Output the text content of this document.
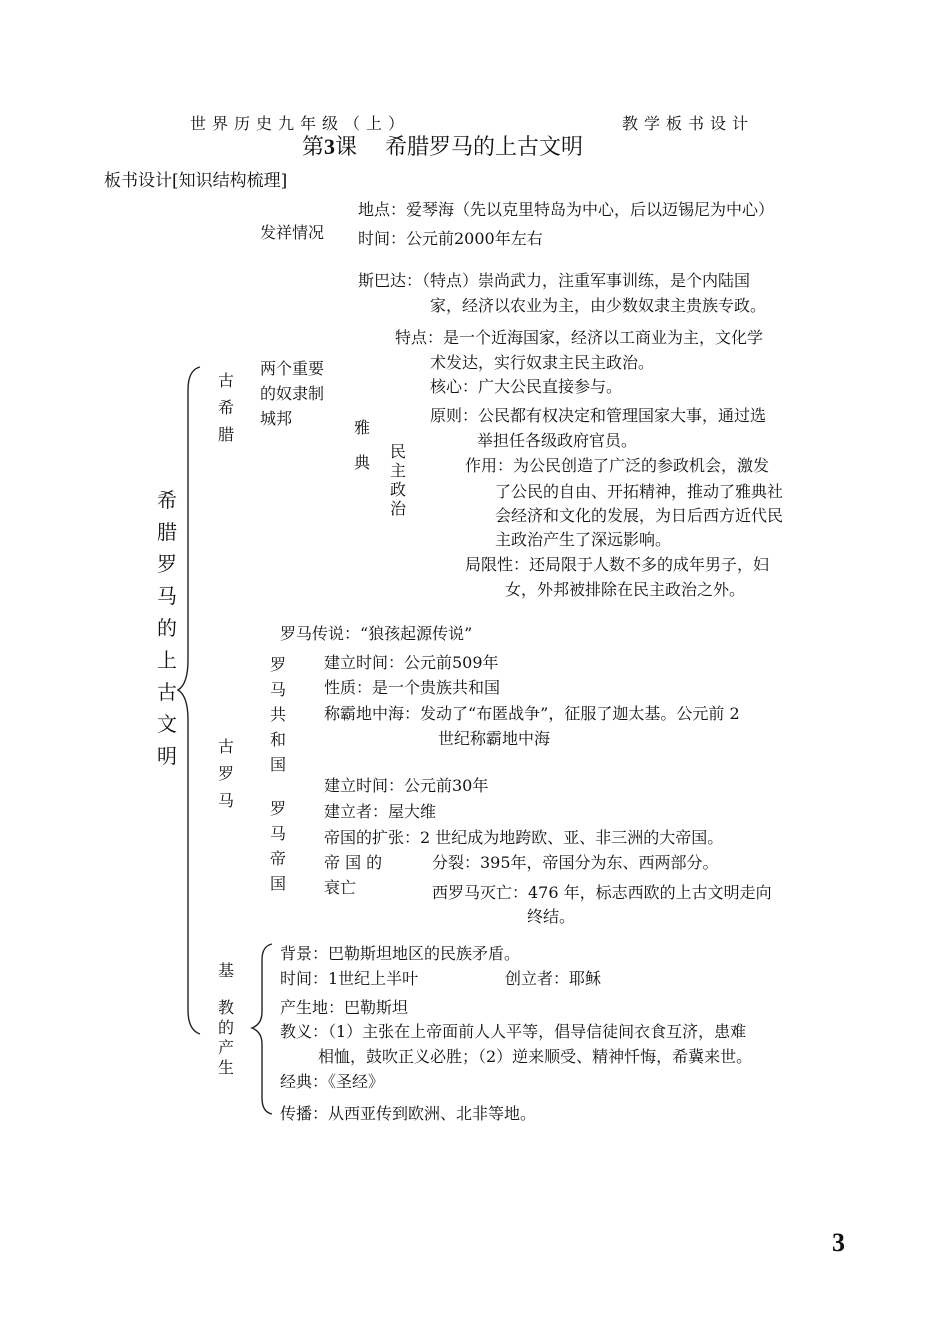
世界历史九年级（上）	教学板书设计
第3课 希腊罗马的上古文明
板书设计[知识结构梳理]
希腊罗马的上古文明
古希腊
古罗马
基
教的产生
发祥情况
地点：爱琴海（先以克里特岛为中心，后以迈锡尼为中心）
时间：公元前2000年左右
斯巴达：（特点）崇尚武力，注重军事训练，是个内陆国
家，经济以农业为主，由少数奴隶主贵族专政。
两个重要
的奴隶制
城邦	雅典
特点：是一个近海国家，经济以工商业为主，文化学
术发达，实行奴隶主民主政治。
民主政治
核心：广大公民直接参与。
原则：公民都有权决定和管理国家大事，通过选
举担任各级政府官员。
作用：为公民创造了广泛的参政机会，激发
了公民的自由、开拓精神，推动了雅典社
会经济和文化的发展，为日后西方近代民
主政治产生了深远影响。
局限性：还局限于人数不多的成年男子，妇
女，外邦被排除在民主政治之外。
罗马传说：“狼孩起源传说”
罗马共和国
建立时间：公元前509年
性质：是一个贵族共和国
称霸地中海：发动了“布匿战争”，征服了迦太基。公元前 2
世纪称霸地中海
罗马帝国
建立时间：公元前30年
建立者：屋大维
帝国的扩张：2 世纪成为地跨欧、亚、非三洲的大帝国。
帝 国 的
衰亡
分裂：395年，帝国分为东、西两部分。
西罗马灭亡：476 年，标志西欧的上古文明走向
终结。
背景：巴勒斯坦地区的民族矛盾。
时间：1世纪上半叶	创立者：耶稣
产生地：巴勒斯坦
教义：（1）主张在上帝面前人人平等，倡导信徒间衣食互济，患难
相恤，鼓吹正义必胜；（2）逆来顺受、精神忏悔，希冀来世。
经典：《圣经》
传播：从西亚传到欧洲、北非等地。
3
